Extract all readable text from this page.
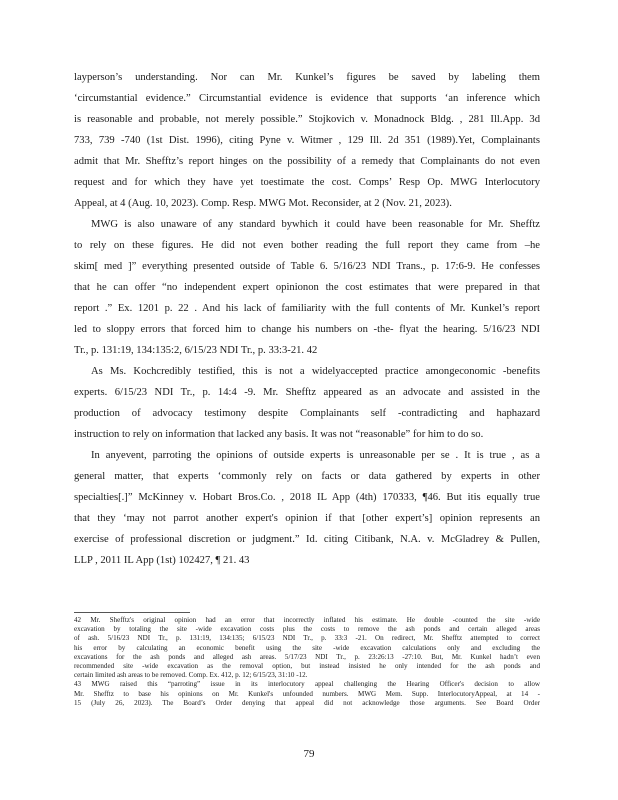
layperson’s understanding. Nor can Mr. Kunkel’s figures be saved by labeling them
‘circumstantial evidence.” Circumstantial evidence is evidence that supports ‘an inference which
is reasonable and probable, not merely possible.” Stojkovich v. Monadnock Bldg. , 281 Ill.App. 3d
733, 739 -740 (1st Dist. 1996), citing Pyne v. Witmer , 129 Ill. 2d 351 (1989).Yet, Complainants
admit that Mr. Shefftz’s report hinges on the possibility of a remedy that Complainants do not even
request and for which they have yet toestimate the cost. Comps’ Resp Op. MWG Interlocutory
Appeal, at 4 (Aug. 10, 2023). Comp. Resp. MWG Mot. Reconsider, at 2 (Nov. 21, 2023).
MWG is also unaware of any standard bywhich it could have been reasonable for Mr. Shefftz
to rely on these figures. He did not even bother reading the full report they came from –he
skim[ med ]” everything presented outside of Table 6. 5/16/23 NDI Trans., p. 17:6-9. He confesses
that he can offer “no independent expert opinionon the cost estimates that were prepared in that
report .” Ex. 1201 p. 22 . And his lack of familiarity with the full contents of Mr. Kunkel’s report
led to sloppy errors that forced him to change his numbers on -the- flyat the hearing. 5/16/23 NDI
Tr., p. 131:19, 134:135:2, 6/15/23 NDI Tr., p. 33:3-21. 42
As Ms. Kochcredibly testified, this is not a widelyaccepted practice amongeconomic -benefits
experts. 6/15/23 NDI Tr., p. 14:4 -9. Mr. Shefftz appeared as an advocate and assisted in the
production of advocacy testimony despite Complainants self -contradicting and haphazard
instruction to rely on information that lacked any basis. It was not “reasonable” for him to do so.
In anyevent, parroting the opinions of outside experts is unreasonable per se . It is true , as a
general matter, that experts ‘commonly rely on facts or data gathered by experts in other
specialties[.]” McKinney v. Hobart Bros.Co. , 2018 IL App (4th) 170333, ¶46. But itis equally true
that they ‘may not parrot another expert's opinion if that [other expert’s] opinion represents an
exercise of professional discretion or judgment.” Id. citing Citibank, N.A. v. McGladrey & Pullen,
LLP , 2011 IL App (1st) 102427, ¶ 21. 43
42 Mr. Shefftz's original opinion had an error that incorrectly inflated his estimate. He double -counted the site -wide
excavation by totaling the site -wide excavation costs plus the costs to remove the ash ponds and certain alleged areas
of ash. 5/16/23 NDI Tr., p. 131:19, 134:135; 6/15/23 NDI Tr., p. 33:3 -21. On redirect, Mr. Shefftz attempted to correct
his error by calculating an economic benefit using the site -wide excavation calculations only and excluding the
excavations for the ash ponds and alleged ash areas. 5/17/23 NDI Tr., p. 23:26:13 -27:10. But, Mr. Kunkel hadn’t even
recommended site -wide excavation as the removal option, but instead insisted he only intended for the ash ponds and
certain limited ash areas to be removed. Comp. Ex. 412, p. 12; 6/15/23, 31:10 -12.
43 MWG raised this “parroting” issue in its interlocutory appeal challenging the Hearing Officer's decision to allow
Mr. Shefftz to base his opinions on Mr. Kunkel's unfounded numbers. MWG Mem. Supp. InterlocutoryAppeal, at 14 -
15 (July 26, 2023). The Board’s Order denying that appeal did not acknowledge those arguments. See Board Order
79
